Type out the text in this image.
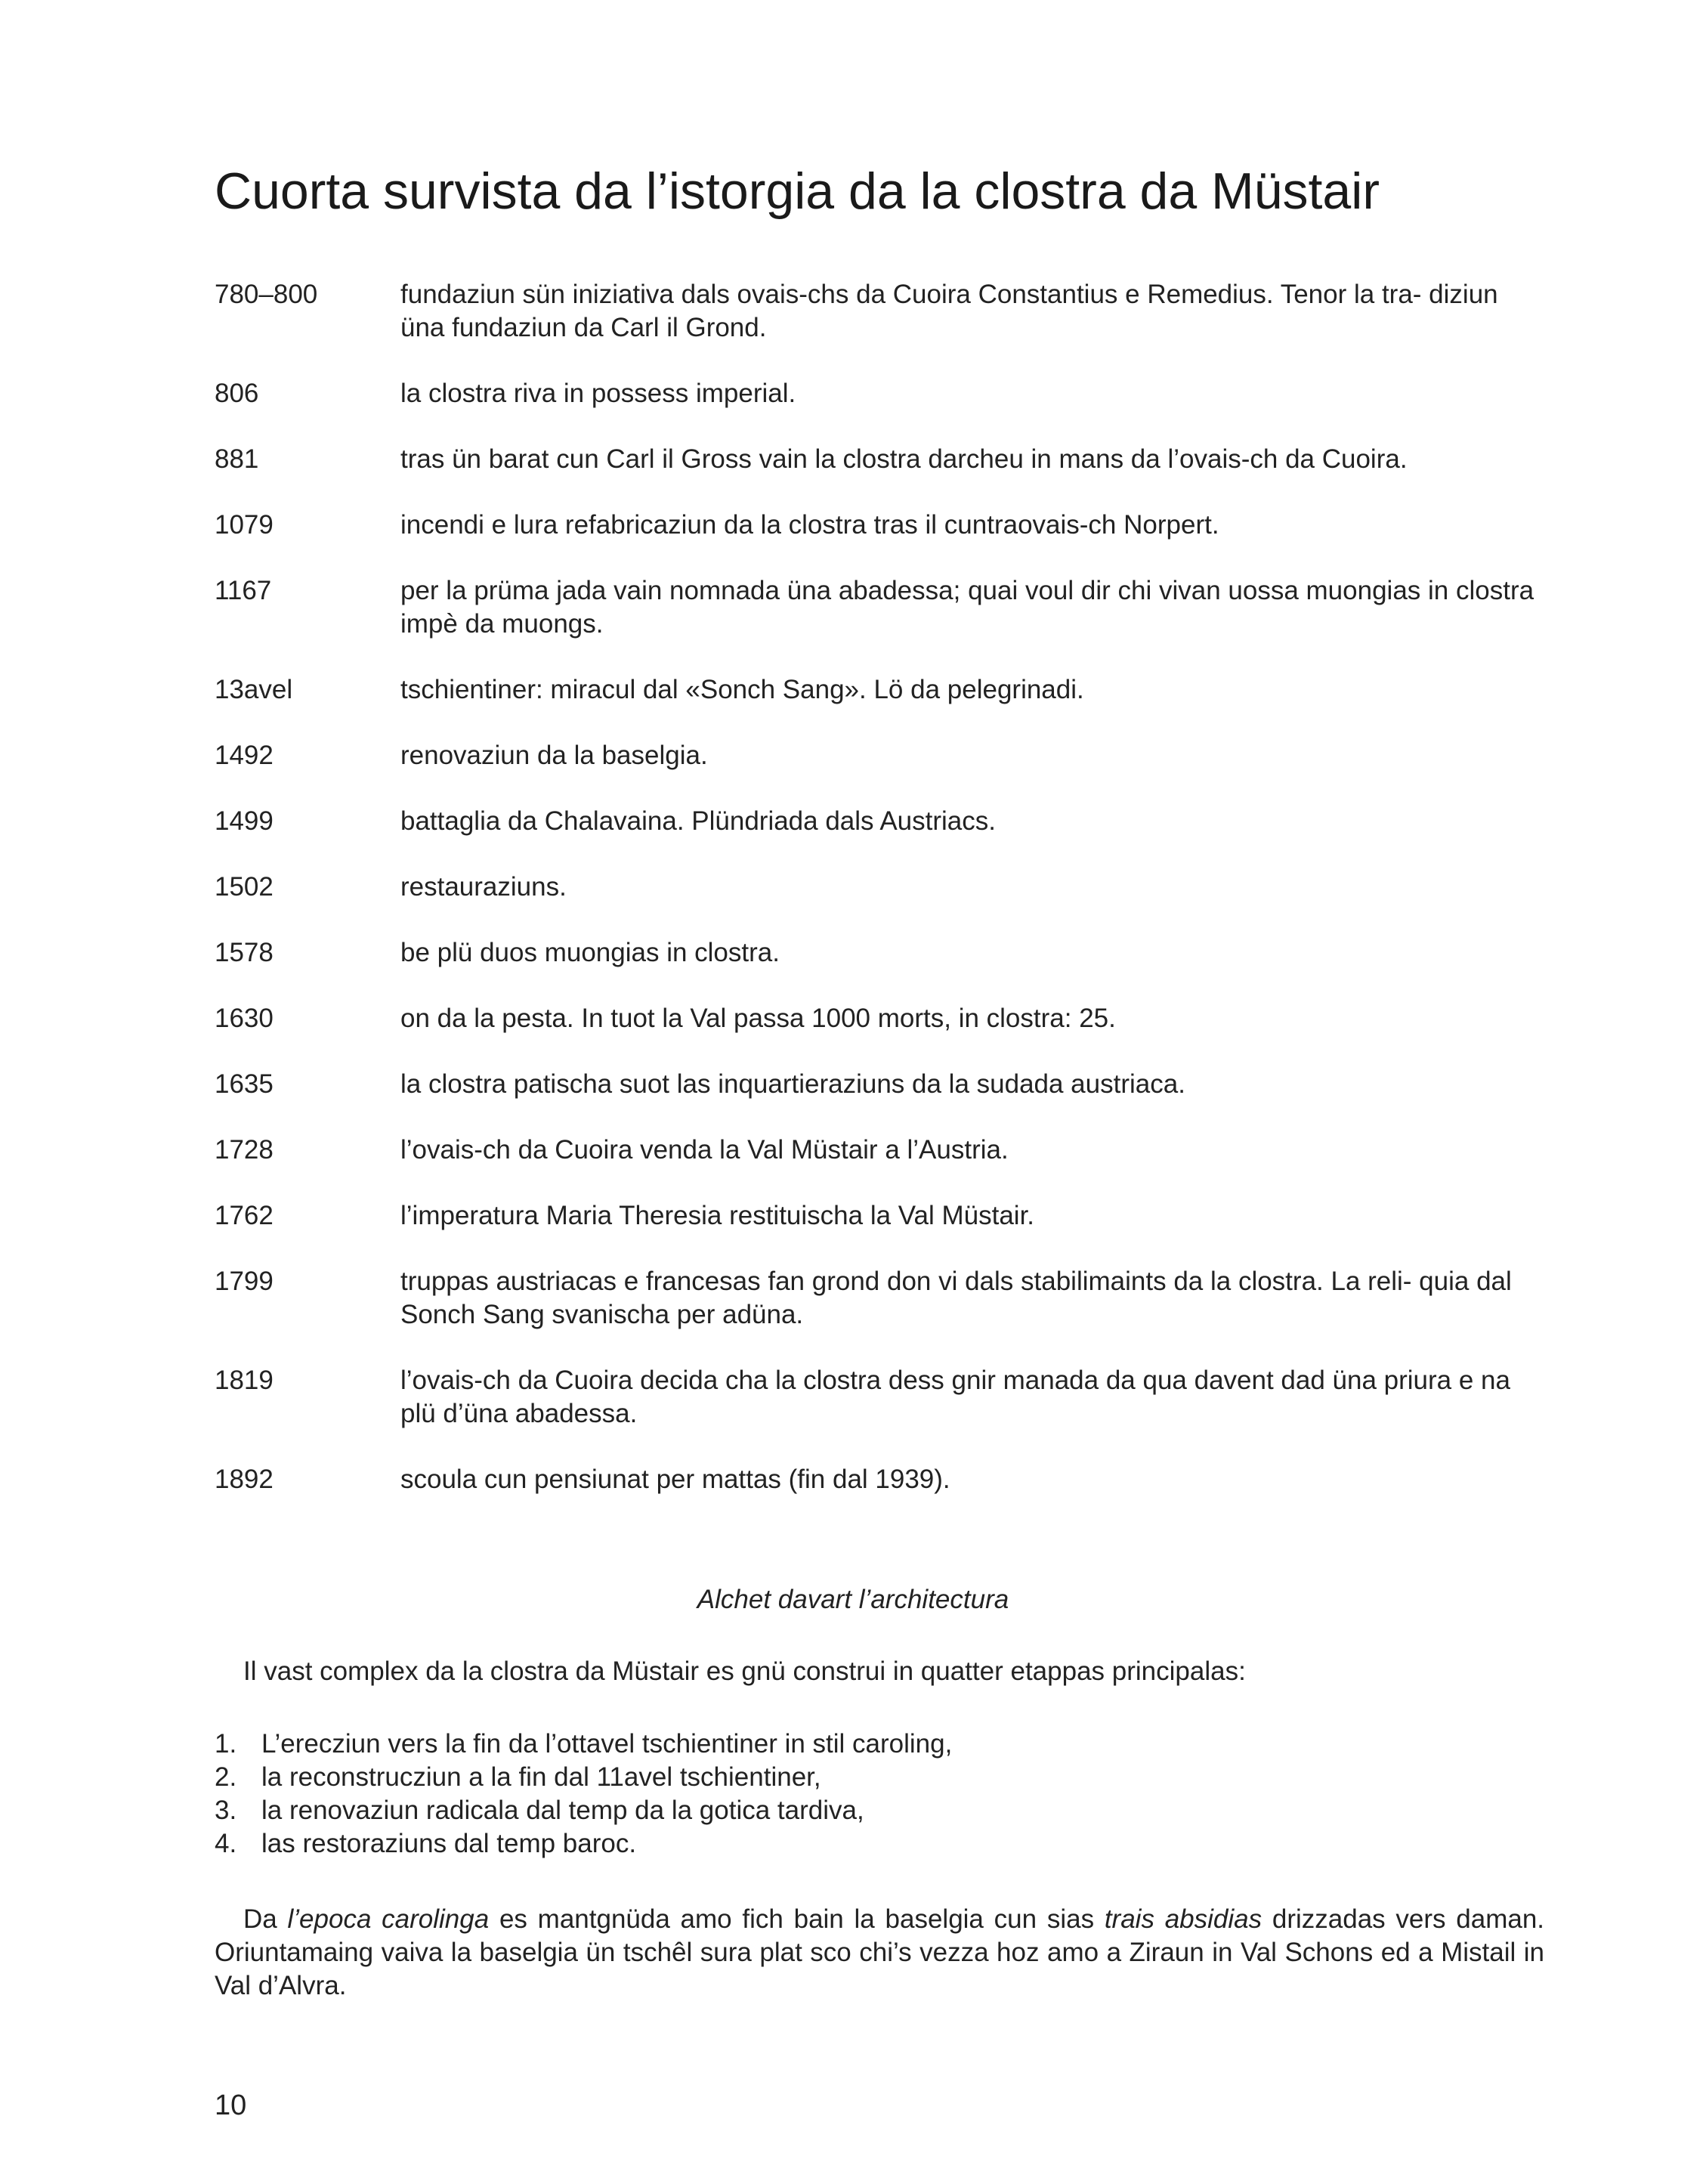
Cuorta survista da l’istorgia da la clostra da Müstair
780–800	fundaziun sün iniziativa dals ovais-chs da Cuoira Constantius e Remedius. Tenor la tra- diziun üna fundaziun da Carl il Grond.
806	la clostra riva in possess imperial.
881	tras ün barat cun Carl il Gross vain la clostra darcheu in mans da l’ovais-ch da Cuoira.
1079	incendi e lura refabricaziun da la clostra tras il cuntraovais-ch Norpert.
1167	per la prüma jada vain nomnada üna abadessa; quai voul dir chi vivan uossa muongias in clostra impè da muongs.
13avel	tschientiner: miracul dal «Sonch Sang». Lö da pelegrinadi.
1492	renovaziun da la baselgia.
1499	battaglia da Chalavaina. Plündriada dals Austriacs.
1502	restauraziuns.
1578	be plü duos muongias in clostra.
1630	on da la pesta. In tuot la Val passa 1000 morts, in clostra: 25.
1635	la clostra patischa suot las inquartieraziuns da la sudada austriaca.
1728	l’ovais-ch da Cuoira venda la Val Müstair a l’Austria.
1762	l’imperatura Maria Theresia restituischa la Val Müstair.
1799	truppas austriacas e francesas fan grond don vi dals stabilimaints da la clostra. La reli- quia dal Sonch Sang svanischa per adüna.
1819	l’ovais-ch da Cuoira decida cha la clostra dess gnir manada da qua davent dad üna priura e na plü d’üna abadessa.
1892	scoula cun pensiunat per mattas (fin dal 1939).
Alchet davart l’architectura

Il vast complex da la clostra da Müstair es gnü construi in quatter etappas principalas:

1. L’erecziun vers la fin da l’ottavel tschientiner in stil caroling,
2. la reconstrucziun a la fin dal 11avel tschientiner,
3. la renovaziun radicala dal temp da la gotica tardiva,
4. las restoraziuns dal temp baroc.

Da l’epoca carolinga es mantgnüda amo fich bain la baselgia cun sias trais absidias drizzadas vers daman. Oriuntamaing vaiva la baselgia ün tschêl sura plat sco chi’s vezza hoz amo a Ziraun in Val Schons ed a Mistail in Val d’Alvra.

10
